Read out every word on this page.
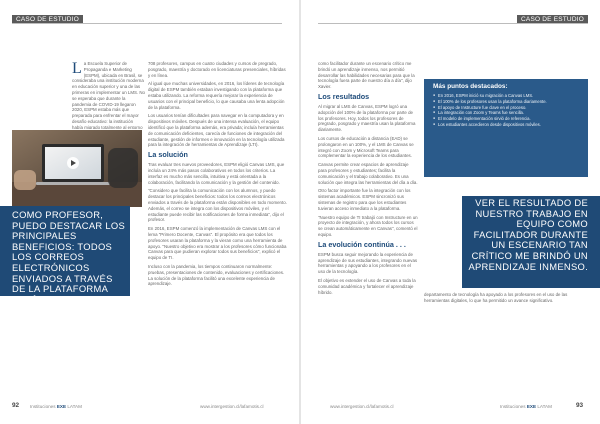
CASO DE ESTUDIO	CASO DE ESTUDIO

La Escuela Superior de Propaganda e Marketing (ESPM), ubicada en Brasil, se consideraba una institución moderna en educación superior y una de las primeras en implementar un LMS. No se esperaba que durante la pandemia de COVID-19 llegaron 2020, ESPM estaba más que preparada para enfrentar el mayor desafío educativo: la institución había migrado totalmente al entorno

COMO PROFESOR, PUEDO DESTACAR LOS PRINCIPALES BENEFICIOS: TODOS LOS CORREOS ELECTRÓNICOS ENVIADOS A TRAVÉS DE LA PLATAFORMA ESTÁN DISPONIBLES EN TODO MOMENTO.

708 profesores, campus en cuatro ciudades y cursos de pregrado, posgrado, maestría y doctorado en licenciaturas presenciales, híbridas y en línea.

Al igual que muchas universidades, en 2016, los líderes de tecnología digital de ESPM también estaban investigando con la plataforma que estaba utilizando. La reforma requería mejorar la experiencia de usuarios con el principal beneficio, lo que causaba una lenta adopción de la plataforma.

Los usuarios tenían dificultades para navegar en la computadora y en dispositivos móviles. Después de una intensa evaluación, el equipo identificó que la plataforma además, era privada; incluía herramientas de comunicación deficientes, carecía de funciones de integración del estudiante, gestión de informes e innovación en la tecnología utilizada para la integración de herramientas de Aprendizaje (LTI).

La solución

Tras evaluar tres nuevos proveedores, ESPM eligió Canvas LMS, que incluía un 24% más pasos colaborativos en todos los criterios. La interfaz es mucho más sencilla, intuitiva y está orientada a la colaboración, facilitando la comunicación y la gestión del contenido.

"Considero que facilita la comunicación con los alumnos, y puedo destacar los principales beneficios: todos los correos electrónicos enviados a través de la plataforma están disponibles en todo momento. Además, el correo se integra con los dispositivos móviles, y el estudiante puede recibir las notificaciones de forma inmediata", dijo el profesor.

En 2016, ESPM comenzó la implementación de Canvas LMS con el lema "Primero Docente, Canvas". El propósito era que todos los profesores usaran la plataforma y la vieran como una herramienta de apoyo. "Nuestro objetivo era mostrar a los profesores cómo funcionaba Canvas para que pudieran explorar todos sus beneficios", explicó el equipo de TI.

Incluso con la pandemia, los tiempos continuaron normalmente: pruebas, presentaciones de contenido, evaluaciones y certificaciones. La solución de la plataforma facilitó una excelente experiencia de aprendizaje.

92 Instituciones EXE LATAM	www.intergestion.cl/lafamotis.cl

como facilitador durante un escenario crítico me brindó un aprendizaje inmenso, nos permitió desarrollar las habilidades necesarias para que la tecnología fuera parte de nuestro día a día", dijo Xavier.

Los resultados

Al migrar al LMS de Canvas, ESPM logró una adopción del 100% de la plataforma por parte de los profesores. Hoy, todos los profesores de pregrado, posgrado y maestría usan la plataforma diariamente.

Los cursos de educación a distancia (EAD) se prolongaron en un 100%, y el LMS de Canvas se integró con Zoom y Microsoft Teams para complementar la experiencia de los estudiantes.

Canvas permite crear espacios de aprendizaje para profesores y estudiantes; facilita la comunicación y el trabajo colaborativo. Es una solución que integra las herramientas del día a día.

Otro factor importante fue la integración con los sistemas académicos. ESPM sincronizó sus sistemas de registro para que los estudiantes tuvieran acceso inmediato a la plataforma.

"Nuestro equipo de TI trabajó con Instructure en un proyecto de integración, y ahora todos los cursos se crean automáticamente en Canvas", comentó el equipo.

La evolución continúa . . .

ESPM busca seguir mejorando la experiencia de aprendizaje de sus estudiantes, integrando nuevas herramientas y apoyando a los profesores en el uso de la tecnología.

El objetivo es extender el uso de Canvas a toda la comunidad académica y fortalecer el aprendizaje híbrido.

Más puntos destacados:
● En 2016, ESPM inició su migración a Canvas LMS.
● El 100% de los profesores usan la plataforma diariamente.
● El apoyo de Instructure fue clave en el proceso.
● La integración con Zoom y Teams fue sencilla.
● El modelo de implementación sirvió de referencia.
● Los estudiantes accedieron desde dispositivos móviles.
VER EL RESULTADO DE NUESTRO TRABAJO EN EQUIPO COMO FACILITADOR DURANTE UN ESCENARIO TAN CRÍTICO ME BRINDÓ UN APRENDIZAJE INMENSO.

departamento de tecnología ha apoyado a los profesores en el uso de las herramientas digitales, lo que ha permitido un avance significativo.

www.intergestion.cl/lafamotis.cl	Instituciones EXE LATAM	93
